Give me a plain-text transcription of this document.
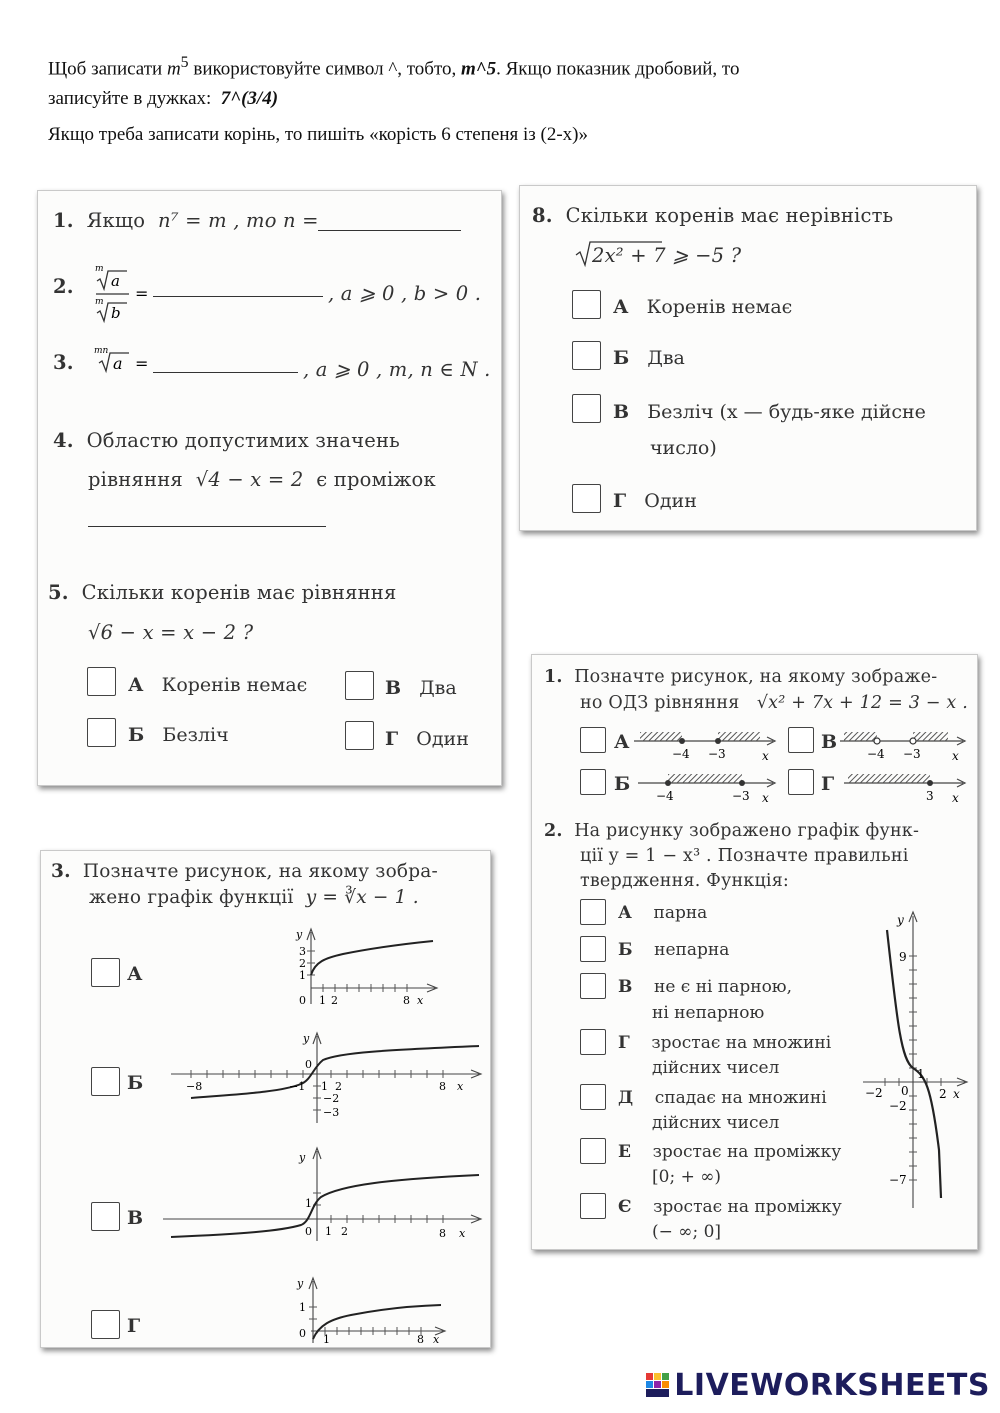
Щоб записати $m^5$ використовуйте символ ^, тобто, m^5. Якщо показник дробовий, то

записуйте в дужках:  7^(3/4)

Якщо треба записати корінь, то пишіть «корість 6 степеня із (2-х)»

1. Якщо n⁷ = m , то n =
2.
m
a
m
b
=	, a ⩾ 0 , b > 0 .
3. mn
a =	, a ⩾ 0 , m, n ∈ N .
4. Областю допустимих значень
рівняння √4 − x = 2 є проміжок
5. Скільки коренів має рівняння
√6 − x = x − 2 ?
А Коренів немає	В Два
Б Безліч	Г Один
8. Скільки коренів має нерівність
2x² + 7 ⩾ −5 ?
А Коренів немає
Б Два
В Безліч (x — будь-яке дійсне
число)
Г Один
1. Позначте рисунок, на якому зображе-
но ОДЗ рівняння √x² + 7x + 12 = 3 − x .
А
−4 −3	x
В
−4 −3	x
Б
−4	−3 x
Г
3 x
2. На рисунку зображено графік функ-
ції y = 1 − x³ . Позначте правильні
твердження. Функція:
А парна
Б непарна
В не є ні парною,
ні непарною
Г зростає на множині
дійсних чисел
Д спадає на множині
дійсних чисел
Е зростає на проміжку
[0; + ∞)
Є зростає на проміжку
(− ∞; 0]
y
9
1
0
−2
−2
2 x
−7
3. Позначте рисунок, на якому зобра-
жено графік функції y = ∛x − 1 .
А
y
3
2
1
0 1 2	8 x
Б
y
0
−8	−1 1 2
−2
−3
8 x
В
y
1
0 1 2	8 x
Г
y
1
0 1	8 x
LIVEWORKSHEETS
